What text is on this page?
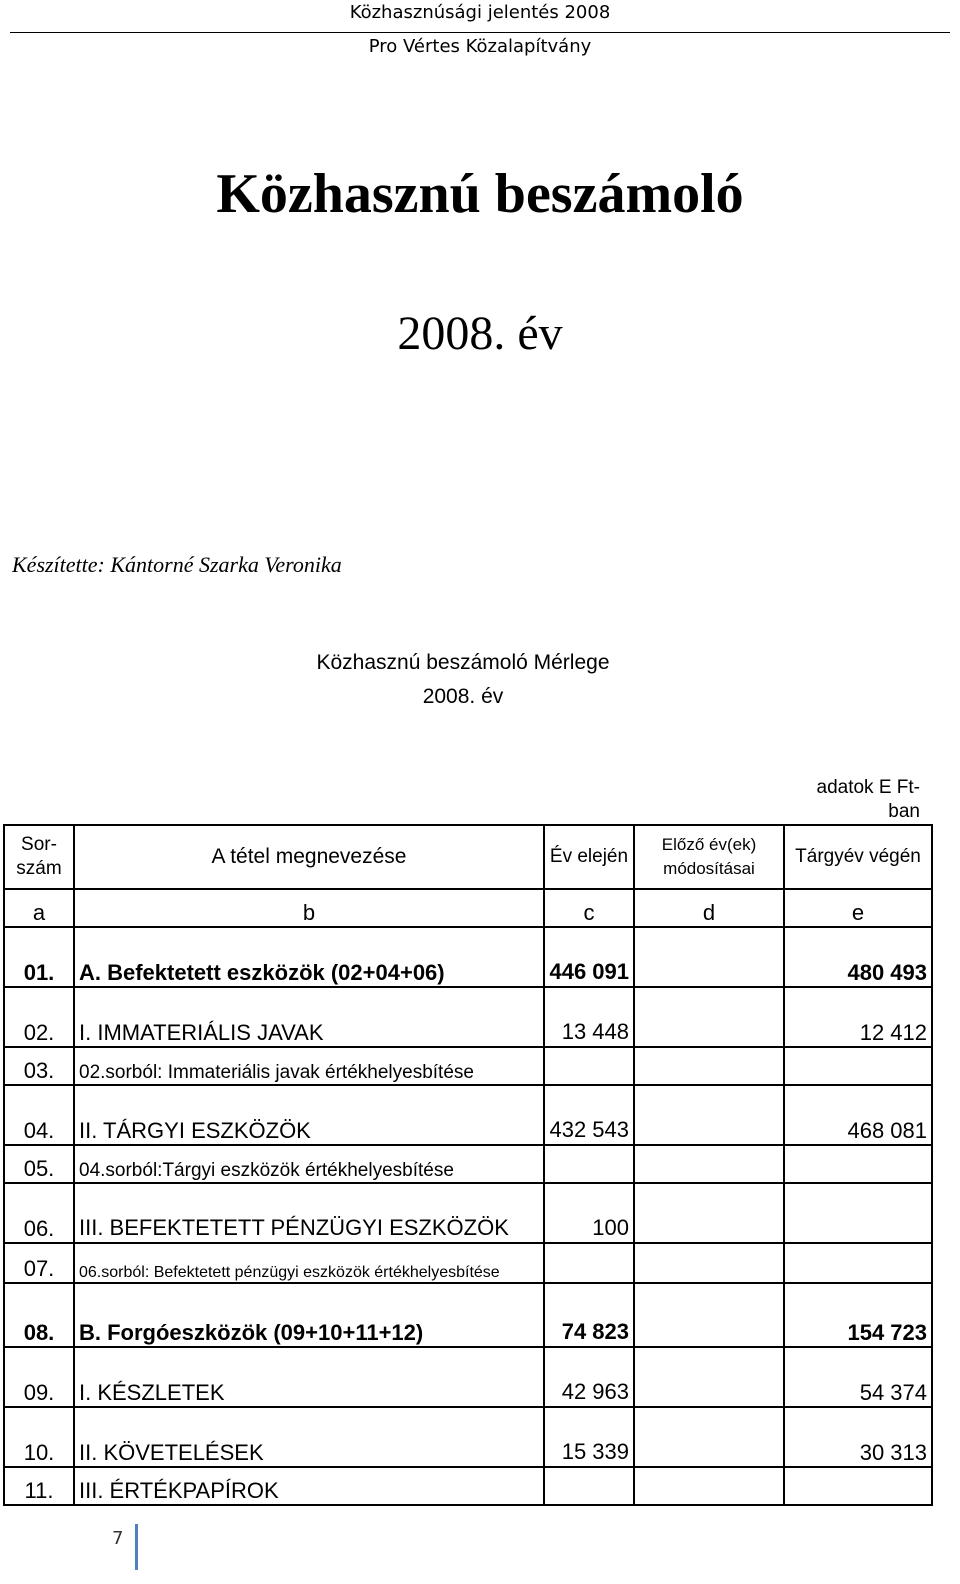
Közhasznúsági jelentés 2008
Pro Vértes Közalapítvány
Közhasznú beszámoló
2008. év
Készítette: Kántorné Szarka Veronika
Közhasznú beszámoló Mérlege
2008. év
				adatok E Ft-ban
Sor-szám	A tétel megnevezése	Év elején	Előző év(ek) módosításai	Tárgyév végén
a	b	c	d	e
01.	A. Befektetett eszközök (02+04+06)	446 091		480 493
02.	I. IMMATERIÁLIS JAVAK	13 448		12 412
03.	02.sorból: Immateriális javak értékhelyesbítése			
04.	II. TÁRGYI ESZKÖZÖK	432 543		468 081
05.	04.sorból:Tárgyi eszközök értékhelyesbítése			
06.	III. BEFEKTETETT PÉNZÜGYI ESZKÖZÖK	100		
07.	06.sorból: Befektetett pénzügyi eszközök értékhelyesbítése			
08.	B. Forgóeszközök (09+10+11+12)	74 823		154 723
09.	I. KÉSZLETEK	42 963		54 374
10.	II. KÖVETELÉSEK	15 339		30 313
11.	III. ÉRTÉKPAPÍROK			
7
